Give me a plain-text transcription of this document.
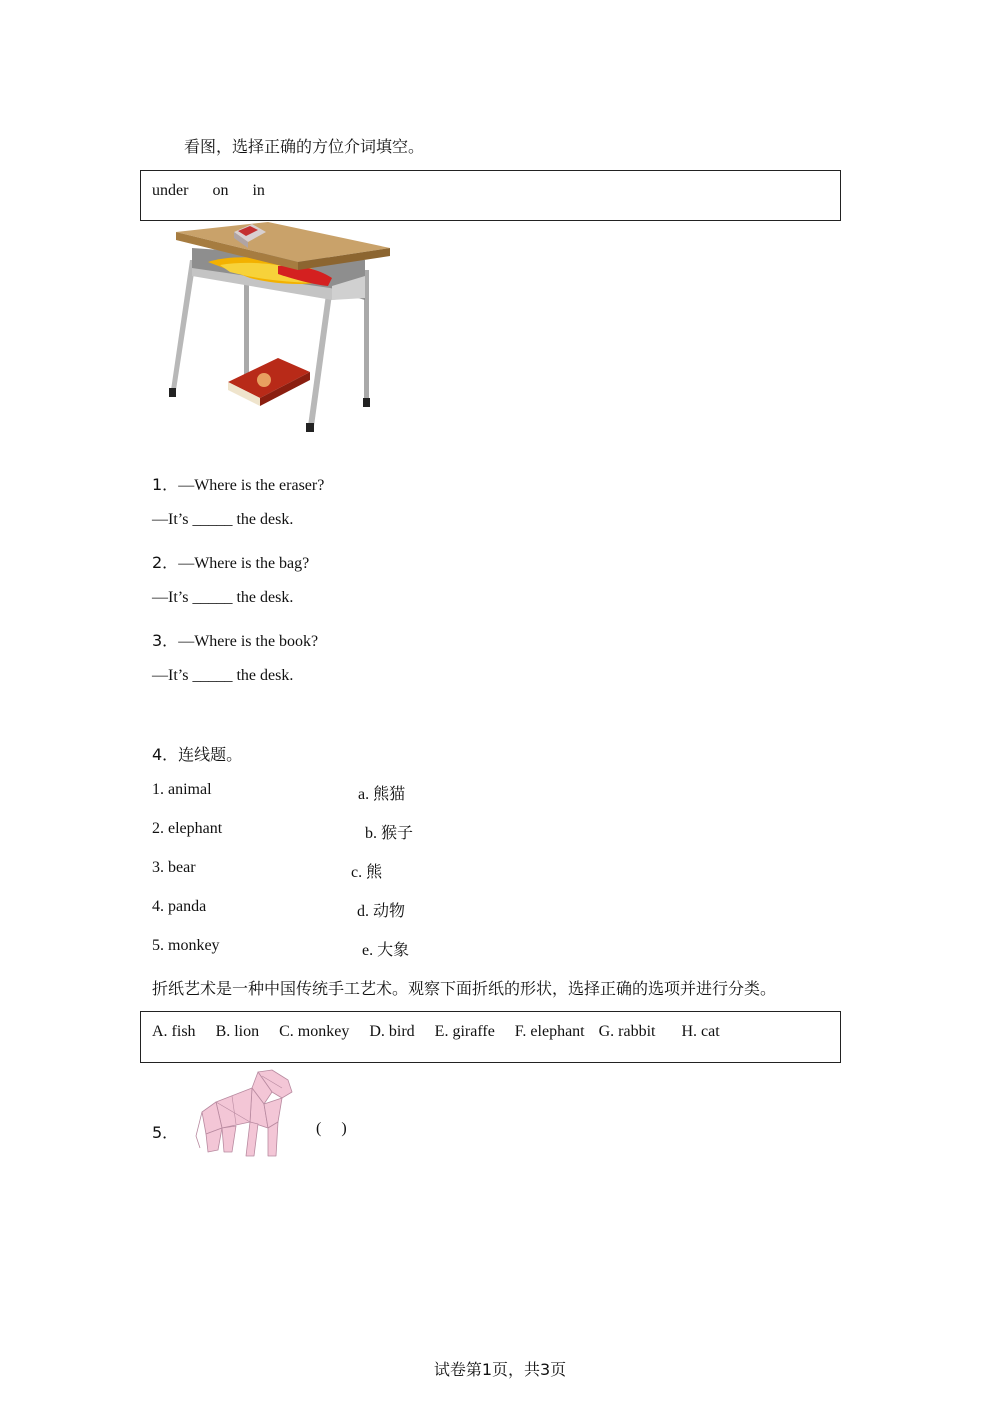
看图，选择正确的方位介词填空。
under on in
1．—Where is the eraser?
—It’s _____ the desk.
2．—Where is the bag?
—It’s _____ the desk.
3．—Where is the book?
—It’s _____ the desk.
4．连线题。
1. animal	a. 熊猫
2. elephant	b. 猴子
3. bear	c. 熊
4. panda	d. 动物
5. monkey	e. 大象
折纸艺术是一种中国传统手工艺术。观察下面折纸的形状，选择正确的选项并进行分类。
A. fish B. lion C. monkey D. bird E. giraffe F. elephant G. rabbit H. cat
5．	(     )
试卷第1页，共3页
